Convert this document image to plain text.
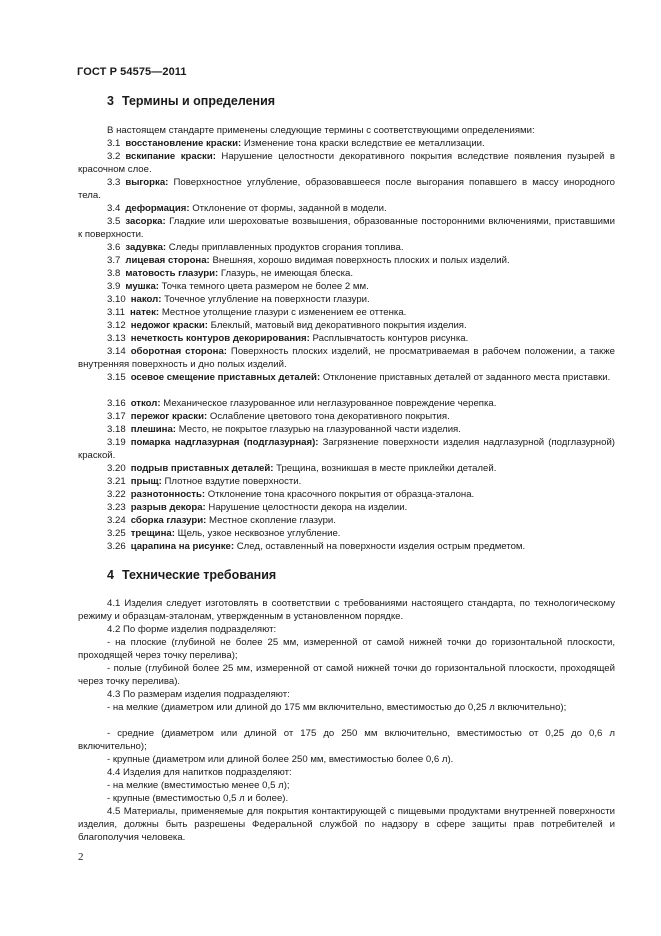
ГОСТ Р 54575—2011
3 Термины и определения
В настоящем стандарте применены следующие термины с соответствующими определениями:
3.1 восстановление краски: Изменение тона краски вследствие ее металлизации.
3.2 вскипание краски: Нарушение целостности декоративного покрытия вследствие появления пузырей в красочном слое.
3.3 выгорка: Поверхностное углубление, образовавшееся после выгорания попавшего в массу инородного тела.
3.4 деформация: Отклонение от формы, заданной в модели.
3.5 засорка: Гладкие или шероховатые возвышения, образованные посторонними включениями, приставшими к поверхности.
3.6 задувка: Следы приплавленных продуктов сгорания топлива.
3.7 лицевая сторона: Внешняя, хорошо видимая поверхность плоских и полых изделий.
3.8 матовость глазури: Глазурь, не имеющая блеска.
3.9 мушка: Точка темного цвета размером не более 2 мм.
3.10 накол: Точечное углубление на поверхности глазури.
3.11 натек: Местное утолщение глазури с изменением ее оттенка.
3.12 недожог краски: Блеклый, матовый вид декоративного покрытия изделия.
3.13 нечеткость контуров декорирования: Расплывчатость контуров рисунка.
3.14 оборотная сторона: Поверхность плоских изделий, не просматриваемая в рабочем положении, а также внутренняя поверхность и дно полых изделий.
3.15 осевое смещение приставных деталей: Отклонение приставных деталей от заданного места приставки.
3.16 откол: Механическое глазурованное или неглазурованное повреждение черепка.
3.17 пережог краски: Ослабление цветового тона декоративного покрытия.
3.18 плешина: Место, не покрытое глазурью на глазурованной части изделия.
3.19 помарка надглазурная (подглазурная): Загрязнение поверхности изделия надглазурной (подглазурной) краской.
3.20 подрыв приставных деталей: Трещина, возникшая в месте приклейки деталей.
3.21 прыщ: Плотное вздутие поверхности.
3.22 разнотонность: Отклонение тона красочного покрытия от образца-эталона.
3.23 разрыв декора: Нарушение целостности декора на изделии.
3.24 сборка глазури: Местное скопление глазури.
3.25 трещина: Щель, узкое несквозное углубление.
3.26 царапина на рисунке: След, оставленный на поверхности изделия острым предметом.
4 Технические требования
4.1 Изделия следует изготовлять в соответствии с требованиями настоящего стандарта, по технологическому режиму и образцам-эталонам, утвержденным в установленном порядке.
4.2 По форме изделия подразделяют:
- на плоские (глубиной не более 25 мм, измеренной от самой нижней точки до горизонтальной плоскости, проходящей через точку перелива);
- полые (глубиной более 25 мм, измеренной от самой нижней точки до горизонтальной плоскости, проходящей через точку перелива).
4.3 По размерам изделия подразделяют:
- на мелкие (диаметром или длиной до 175 мм включительно, вместимостью до 0,25 л включительно);
- средние (диаметром или длиной от 175 до 250 мм включительно, вместимостью от 0,25 до 0,6 л включительно);
- крупные (диаметром или длиной более 250 мм, вместимостью более 0,6 л).
4.4 Изделия для напитков подразделяют:
- на мелкие (вместимостью менее 0,5 л);
- крупные (вместимостью 0,5 л и более).
4.5 Материалы, применяемые для покрытия контактирующей с пищевыми продуктами внутренней поверхности изделия, должны быть разрешены Федеральной службой по надзору в сфере защиты прав потребителей и благополучия человека.
2
